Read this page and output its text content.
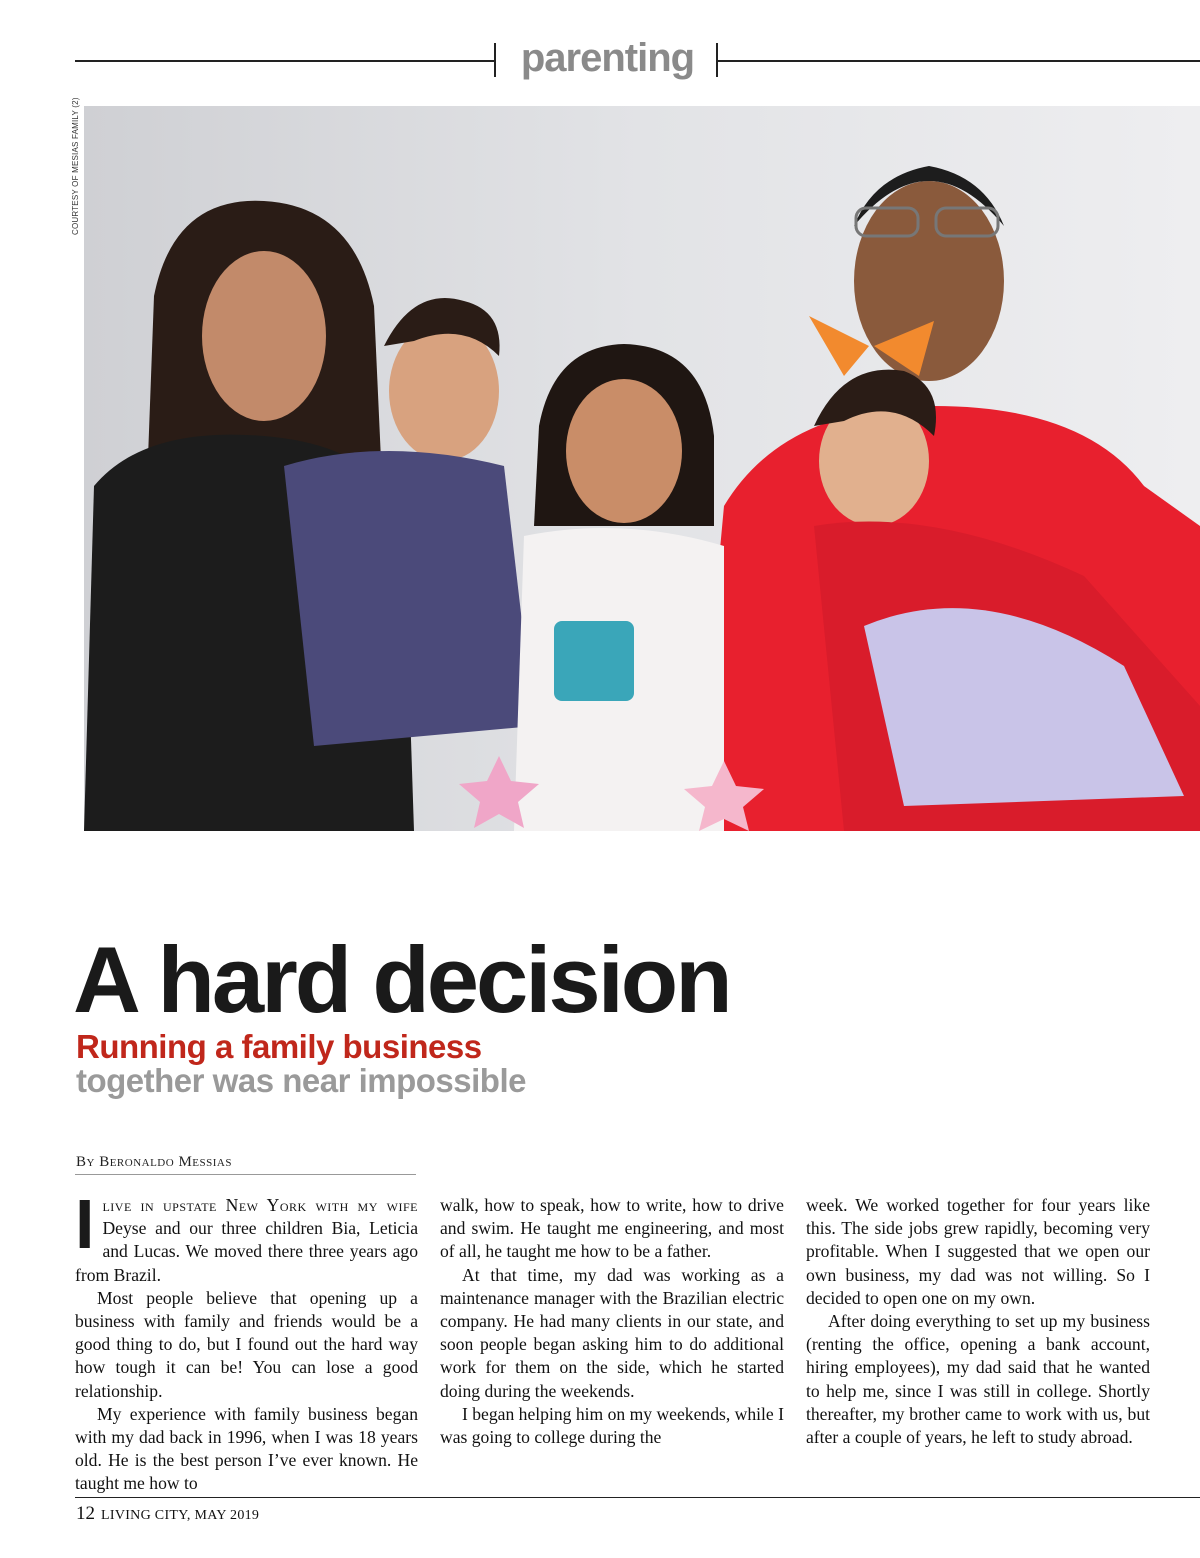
parenting
COURTESY OF MESIAS FAMILY (2)
A hard decision
Running a family business
together was near impossible
By Beronaldo Messias

Ilive in upstate New York with my wife Deyse and our three children Bia, Leticia and Lucas. We moved there three years ago from Brazil.

Most people believe that opening up a business with family and friends would be a good thing to do, but I found out the hard way how tough it can be! You can lose a good relationship.

My experience with family business began with my dad back in 1996, when I was 18 years old. He is the best person I’ve ever known. He taught me how to

walk, how to speak, how to write, how to drive and swim. He taught me engineering, and most of all, he taught me how to be a father.

At that time, my dad was working as a maintenance manager with the Brazilian electric company. He had many clients in our state, and soon people began asking him to do additional work for them on the side, which he started doing during the weekends.

I began helping him on my weekends, while I was going to college during the

week. We worked together for four years like this. The side jobs grew rapidly, becoming very profitable. When I suggested that we open our own business, my dad was not willing. So I decided to open one on my own.

After doing everything to set up my business (renting the office, opening a bank account, hiring employees), my dad said that he wanted to help me, since I was still in college. Shortly thereafter, my brother came to work with us, but after a couple of years, he left to study abroad.

12 LIVING CITY, MAY 2019
